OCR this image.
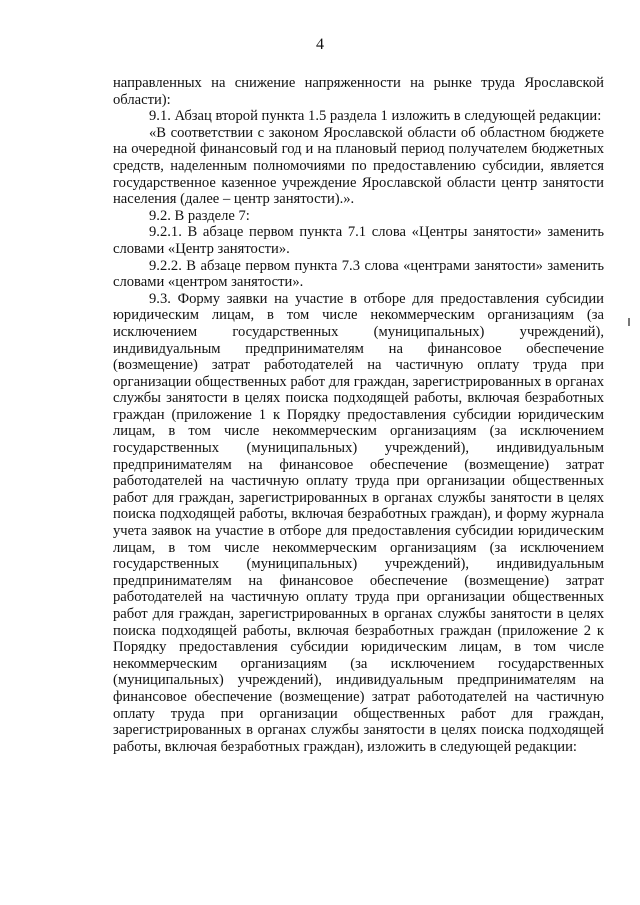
4

направленных на снижение напряженности на рынке труда Ярославской области):

9.1. Абзац второй пункта 1.5 раздела 1 изложить в следующей редакции:

«В соответствии с законом Ярославской области об областном бюджете на очередной финансовый год и на плановый период получателем бюджетных средств, наделенным полномочиями по предоставлению субсидии, является государственное казенное учреждение Ярославской области центр занятости населения (далее – центр занятости).».

9.2. В разделе 7:

9.2.1. В абзаце первом пункта 7.1 слова «Центры занятости» заменить словами «Центр занятости».

9.2.2. В абзаце первом пункта 7.3 слова «центрами занятости» заменить словами «центром занятости».

9.3. Форму заявки на участие в отборе для предоставления субсидии юридическим лицам, в том числе некоммерческим организациям (за исключением государственных (муниципальных) учреждений), индивидуальным предпринимателям на финансовое обеспечение (возмещение) затрат работодателей на частичную оплату труда при организации общественных работ для граждан, зарегистрированных в органах службы занятости в целях поиска подходящей работы, включая безработных граждан (приложение 1 к Порядку предоставления субсидии юридическим лицам, в том числе некоммерческим организациям (за исключением государственных (муниципальных) учреждений), индивидуальным предпринимателям на финансовое обеспечение (возмещение) затрат работодателей на частичную оплату труда при организации общественных работ для граждан, зарегистрированных в органах службы занятости в целях поиска подходящей работы, включая безработных граждан), и форму журнала учета заявок на участие в отборе для предоставления субсидии юридическим лицам, в том числе некоммерческим организациям (за исключением государственных (муниципальных) учреждений), индивидуальным предпринимателям на финансовое обеспечение (возмещение) затрат работодателей на частичную оплату труда при организации общественных работ для граждан, зарегистрированных в органах службы занятости в целях поиска подходящей работы, включая безработных граждан (приложение 2 к Порядку предоставления субсидии юридическим лицам, в том числе некоммерческим организациям (за исключением государственных (муниципальных) учреждений), индивидуальным предпринимателям на финансовое обеспечение (возмещение) затрат работодателей на частичную оплату труда при организации общественных работ для граждан, зарегистрированных в органах службы занятости в целях поиска подходящей работы, включая безработных граждан), изложить в следующей редакции:
